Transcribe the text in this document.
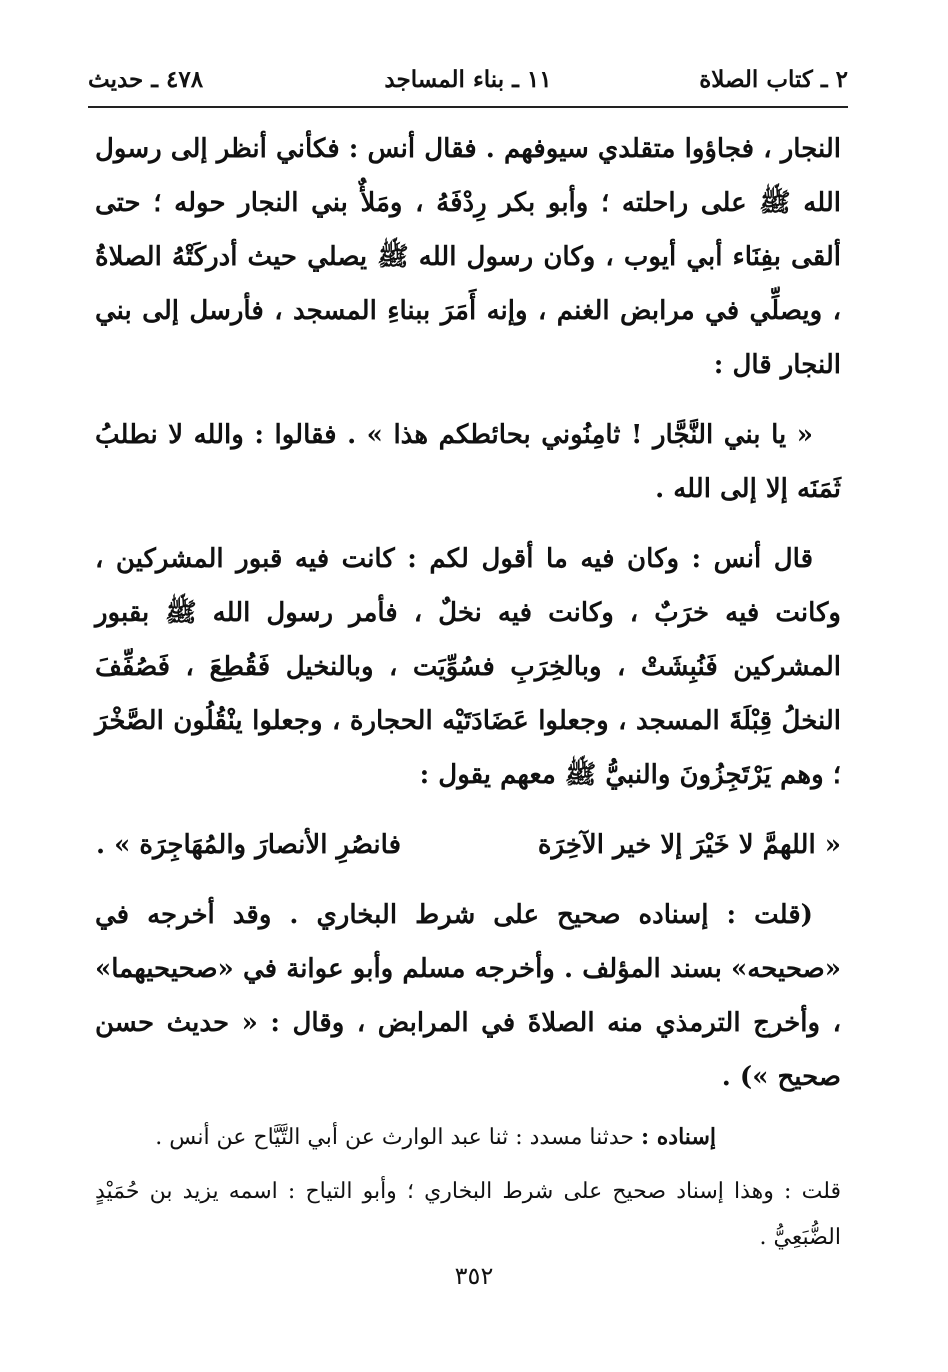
٢ ـ كتاب الصلاة
١١ ـ بناء المساجد
٤٧٨ ـ حديث

النجار ، فجاؤوا متقلدي سيوفهم . فقال أنس : فكأني أنظر إلى رسول الله ﷺ على راحلته ؛ وأبو بكر رِدْفَهُ ، ومَلأٌ بني النجار حوله ؛ حتى ألقى بفِنَاء أبي أيوب ، وكان رسول الله ﷺ يصلي حيث أدركَتْهُ الصلاةُ ، ويصلِّي في مرابض الغنم ، وإنه أَمَرَ ببناءِ المسجد ، فأرسل إلى بني النجار قال :

« يا بني النَّجَّار ! ثامِنُوني بحائطكم هذا » . فقالوا : والله لا نطلبُ ثَمَنَه إلا إلى الله .

قال أنس : وكان فيه ما أقول لكم : كانت فيه قبور المشركين ، وكانت فيه خرَبٌ ، وكانت فيه نخلٌ ، فأمر رسول الله ﷺ بقبور المشركين فَنُبِشَتْ ، وبالخِرَبِ فسُوِّيَت ، وبالنخيل فَقُطِعَ ، فَصُفِّفَ النخلُ قِبْلَةَ المسجد ، وجعلوا عَضَادَتَيْه الحجارة ، وجعلوا ينْقُلُون الصَّخْرَ ؛ وهم يَرْتَجِزُونَ والنبيُّ ﷺ معهم يقول :

« اللهمَّ لا خَيْرَ إلا خير الآخِرَة
فانصُرِ الأنصارَ والمُهَاجِرَة » .

(قلت : إسناده صحيح على شرط البخاري . وقد أخرجه في «صحيحه» بسند المؤلف . وأخرجه مسلم وأبو عوانة في «صحيحيهما» ، وأخرج الترمذي منه الصلاةَ في المرابض ، وقال : « حديث حسن صحيح ») .

إسناده : حدثنا مسدد : ثنا عبد الوارث عن أبي التَّيَّاح عن أنس .

قلت : وهذا إسناد صحيح على شرط البخاري ؛ وأبو التياح : اسمه يزيد بن حُمَيْدٍ الضُّبَعِيُّ .

٣٥٢
